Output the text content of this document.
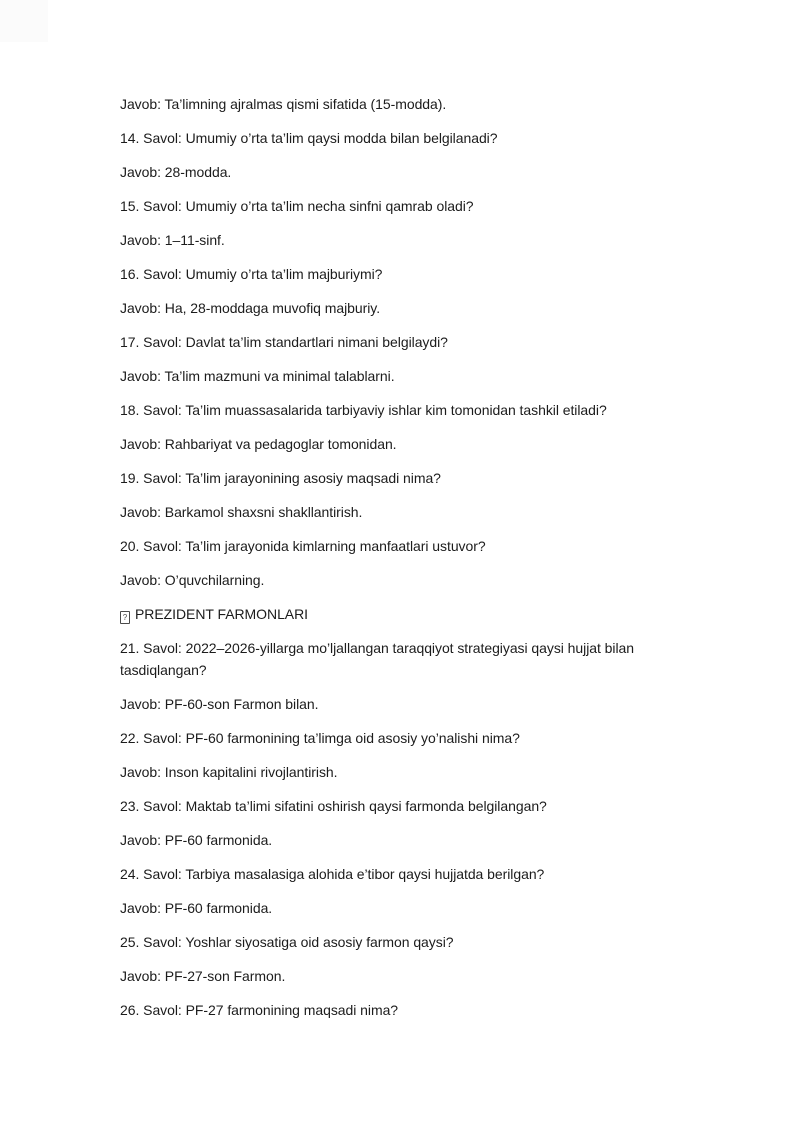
Javob: Ta’limning ajralmas qismi sifatida (15-modda).

14. Savol: Umumiy o’rta ta’lim qaysi modda bilan belgilanadi?

Javob: 28-modda.

15. Savol: Umumiy o’rta ta’lim necha sinfni qamrab oladi?

Javob: 1–11-sinf.

16. Savol: Umumiy o’rta ta’lim majburiymi?

Javob: Ha, 28-moddaga muvofiq majburiy.

17. Savol: Davlat ta’lim standartlari nimani belgilaydi?

Javob: Ta’lim mazmuni va minimal talablarni.

18. Savol: Ta’lim muassasalarida tarbiyaviy ishlar kim tomonidan tashkil etiladi?

Javob: Rahbariyat va pedagoglar tomonidan.

19. Savol: Ta’lim jarayonining asosiy maqsadi nima?

Javob: Barkamol shaxsni shakllantirish.

20. Savol: Ta’lim jarayonida kimlarning manfaatlari ustuvor?

Javob: O’quvchilarning.

? PREZIDENT FARMONLARI

21. Savol: 2022–2026-yillarga mo’ljallangan taraqqiyot strategiyasi qaysi hujjat bilan tasdiqlangan?

Javob: PF-60-son Farmon bilan.

22. Savol: PF-60 farmonining ta’limga oid asosiy yo’nalishi nima?

Javob: Inson kapitalini rivojlantirish.

23. Savol: Maktab ta’limi sifatini oshirish qaysi farmonda belgilangan?

Javob: PF-60 farmonida.

24. Savol: Tarbiya masalasiga alohida e’tibor qaysi hujjatda berilgan?

Javob: PF-60 farmonida.

25. Savol: Yoshlar siyosatiga oid asosiy farmon qaysi?

Javob: PF-27-son Farmon.

26. Savol: PF-27 farmonining maqsadi nima?
